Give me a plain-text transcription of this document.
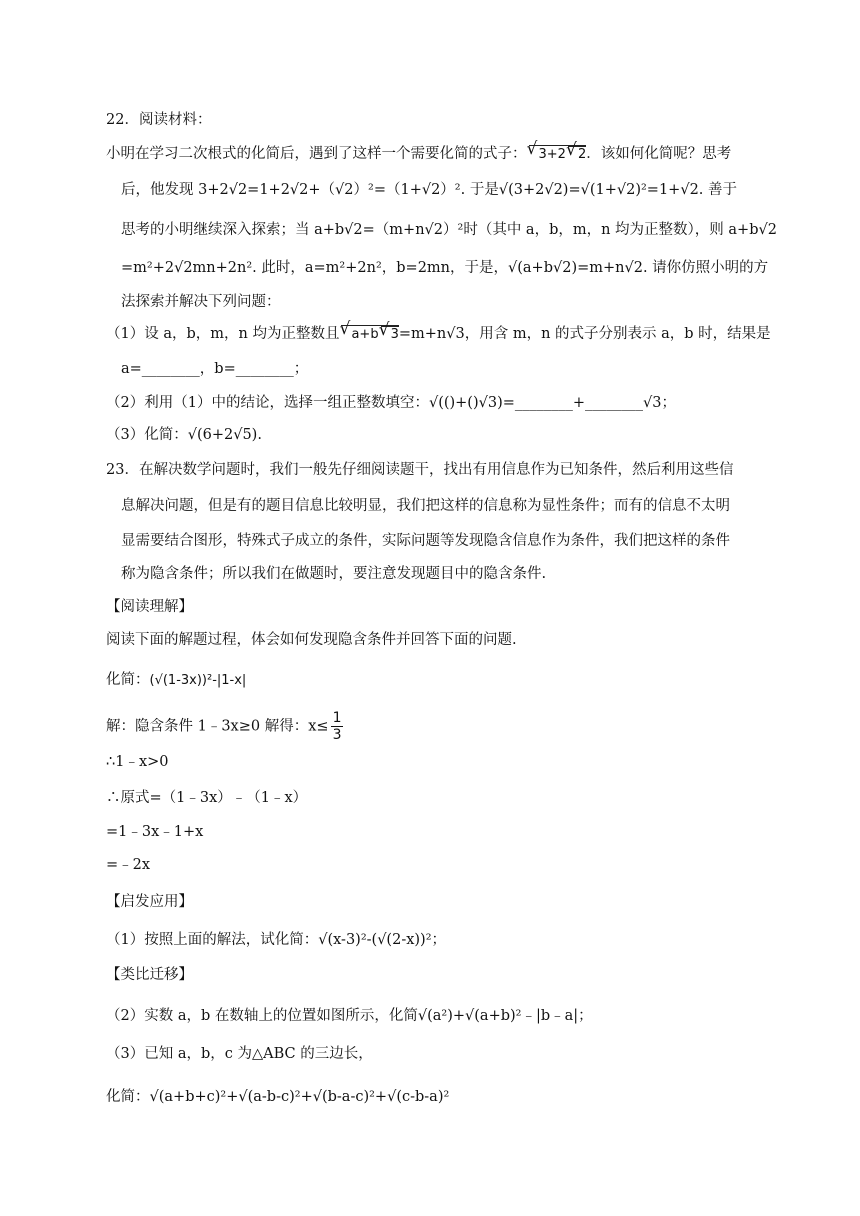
22．阅读材料：
小明在学习二次根式的化简后，遇到了这样一个需要化简的式子： √ 3+2 √ 2．该如何化简呢？思考
后，他发现 3+2√2=1+2√2+（√2）²=（1+√2）². 于是√(3+2√2)=√(1+√2)²=1+√2. 善于
思考的小明继续深入探索；当 a+b√2=（m+n√2）²时（其中 a，b，m，n 均为正整数），则 a+b√2
=m²+2√2mn+2n². 此时，a=m²+2n²，b=2mn，于是，√(a+b√2)=m+n√2. 请你仿照小明的方
法探索并解决下列问题：
（1）设 a，b，m，n 均为正整数且 √ a+b √ 3=m+n√3，用含 m，n 的式子分别表示 a，b 时，结果是
a=________，b=________；
（2）利用（1）中的结论，选择一组正整数填空：√(()+()√3)=________+________√3；
（3）化简：√(6+2√5).
23．在解决数学问题时，我们一般先仔细阅读题干，找出有用信息作为已知条件，然后利用这些信
息解决问题，但是有的题目信息比较明显，我们把这样的信息称为显性条件；而有的信息不太明
显需要结合图形，特殊式子成立的条件，实际问题等发现隐含信息作为条件，我们把这样的条件
称为隐含条件；所以我们在做题时，要注意发现题目中的隐含条件.
【阅读理解】
阅读下面的解题过程，体会如何发现隐含条件并回答下面的问题.
化简：(√(1-3x))²-|1-x|
解：隐含条件 1﹣3x≥0 解得：$x\le \frac{1}{3}$
∴1﹣x>0
∴原式=（1﹣3x）﹣（1﹣x）
=1﹣3x﹣1+x
=﹣2x
【启发应用】
（1）按照上面的解法，试化简：√(x-3)²-(√(2-x))²；
【类比迁移】
（2）实数 a，b 在数轴上的位置如图所示，化简√(a²)+√(a+b)²﹣|b﹣a|；
（3）已知 a，b，c 为△ABC 的三边长，
化简：√(a+b+c)²+√(a-b-c)²+√(b-a-c)²+√(c-b-a)²
